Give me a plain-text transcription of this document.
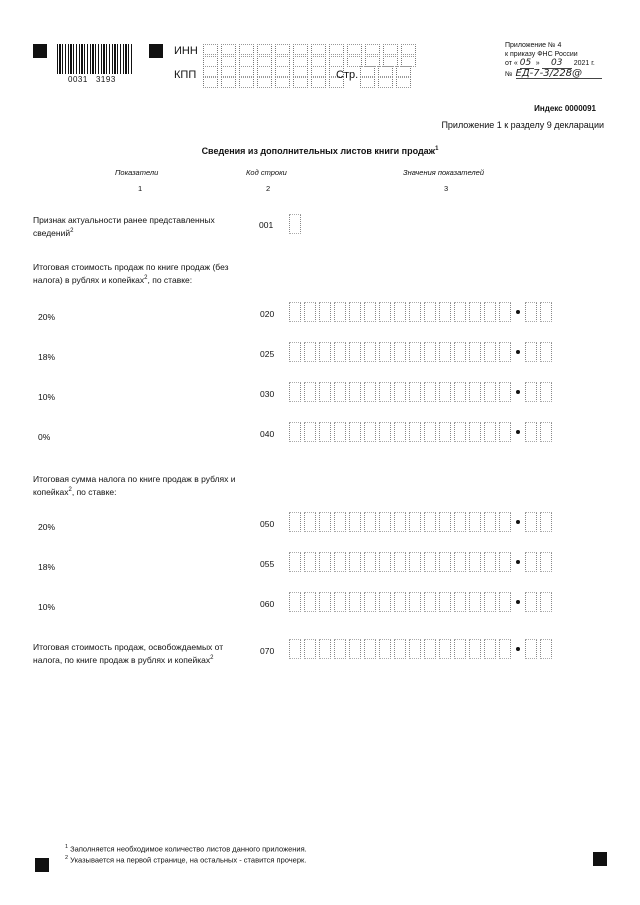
0031   3193
ИНН
КПП	Стр.
Приложение № 4
к приказу ФНС России
от « 05 »	03	2021 г.
№ ЕД-7-3/228@
Индекс 0000091
Приложение 1 к разделу 9 декларации
Сведения из дополнительных листов книги продаж$^1$
Показатели	Код строки	Значения показателей
1	2	3
Признак актуальности ранее представленных сведений$^2$
001
Итоговая стоимость продаж по книге продаж (без налога) в рублях и копейках$^2$, по ставке:
20%	020
18%	025
10%	030
0%	040
Итоговая сумма налога по книге продаж в рублях и копейках$^2$, по ставке:
20%	050
18%	055
10%	060
Итоговая стоимость продаж, освобождаемых от налога, по книге продаж в рублях и копейках$^2$
070
$^1$ Заполняется необходимое количество листов данного приложения.
$^2$ Указывается на первой странице, на остальных - ставится прочерк.
